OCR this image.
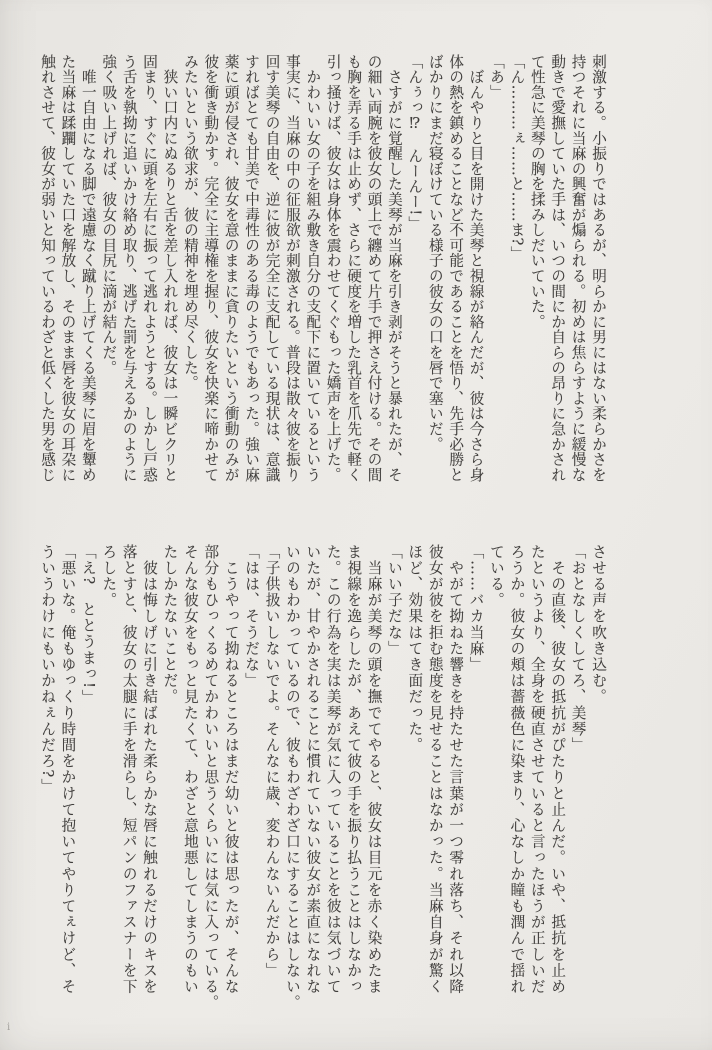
刺激する。小振りではあるが、明らかに男にはない柔らかさを

持つそれに当麻の興奮が煽られる。初めは焦らすように緩慢な

動きで愛撫していた手は、いつの間にか自らの昂りに急かされ

て性急に美琴の胸を揉みしだいていた。

「ん………ぇ……と……ま?」

「あ」

　ぼんやりと目を開けた美琴と視線が絡んだが、彼は今さら身

体の熱を鎮めることなど不可能であることを悟り、先手必勝と

ばかりにまだ寝ぼけている様子の彼女の口を唇で塞いだ。

「んぅっ⁉　んーんー!」

　さすがに覚醒した美琴が当麻を引き剥がそうと暴れたが、そ

の細い両腕を彼女の頭上で纏めて片手で押さえ付ける。その間

も胸を弄る手は止めず、さらに硬度を増した乳首を爪先で軽く

引っ掻けば、彼女は身体を震わせてくぐもった嬌声を上げた。

　かわいい女の子を組み敷き自分の支配下に置いているという

事実に、当麻の中の征服欲が刺激される。普段は散々彼を振り

回す美琴の自由を、逆に彼が完全に支配している現状は、意識

すればとても甘美で中毒性のある毒のようでもあった。強い麻

薬に頭が侵され、彼女を意のままに貪りたいという衝動のみが

彼を衝き動かす。完全に主導権を握り、彼女を快楽に啼かせて

みたいという欲求が、彼の精神を埋め尽くした。

　狭い口内にぬるりと舌を差し入れれば、彼女は一瞬ビクリと

固まり、すぐに頭を左右に振って逃れようとする。しかし戸惑

う舌を執拗に追いかけ絡め取り、逃げた罰を与えるかのように

強く吸い上げれば、彼女の目尻に滴が結んだ。

　唯一自由になる脚で遠慮なく蹴り上げてくる美琴に眉を顰め

た当麻は蹂躙していた口を解放し、そのまま唇を彼女の耳朶に

触れさせて、彼女が弱いと知っているわざと低くした男を感じ

させる声を吹き込む。

「おとなしくしてろ、美琴」

　その直後、彼女の抵抗がぴたりと止んだ。いや、抵抗を止め

たというより、全身を硬直させていると言ったほうが正しいだ

ろうか。彼女の頬は薔薇色に染まり、心なしか瞳も潤んで揺れ

ている。

「……バカ当麻」

　やがて拗ねた響きを持たせた言葉が一つ零れ落ち、それ以降

彼女が彼を拒む態度を見せることはなかった。当麻自身が驚く

ほど、効果はてき面だった。

「いい子だな」

　当麻が美琴の頭を撫でてやると、彼女は目元を赤く染めたま

ま視線を逸らしたが、あえて彼の手を振り払うことはしなかっ

た。この行為を実は美琴が気に入っていることを彼は気づいて

いたが、甘やかされることに慣れていない彼女が素直になれな

いのもわかっているので、彼もわざわざ口にすることはしない。

「子供扱いしないでよ。そんなに歳、変わんないんだから」

「はは、そうだな」

　こうやって拗ねるところはまだ幼いと彼は思ったが、そんな

部分もひっくるめてかわいいと思うくらいには気に入っている。

そんな彼女をもっと見たくて、わざと意地悪してしまうのもい

たしかたないことだ。

　彼は悔しげに引き結ばれた柔らかな唇に触れるだけのキスを

落とすと、彼女の太腿に手を滑らし、短パンのファスナーを下

ろした。

「え?　ととうまっ!」

「悪いな。俺もゆっくり時間をかけて抱いてやりてぇけど、そ

ういうわけにもいかねぇんだろ?」

i
